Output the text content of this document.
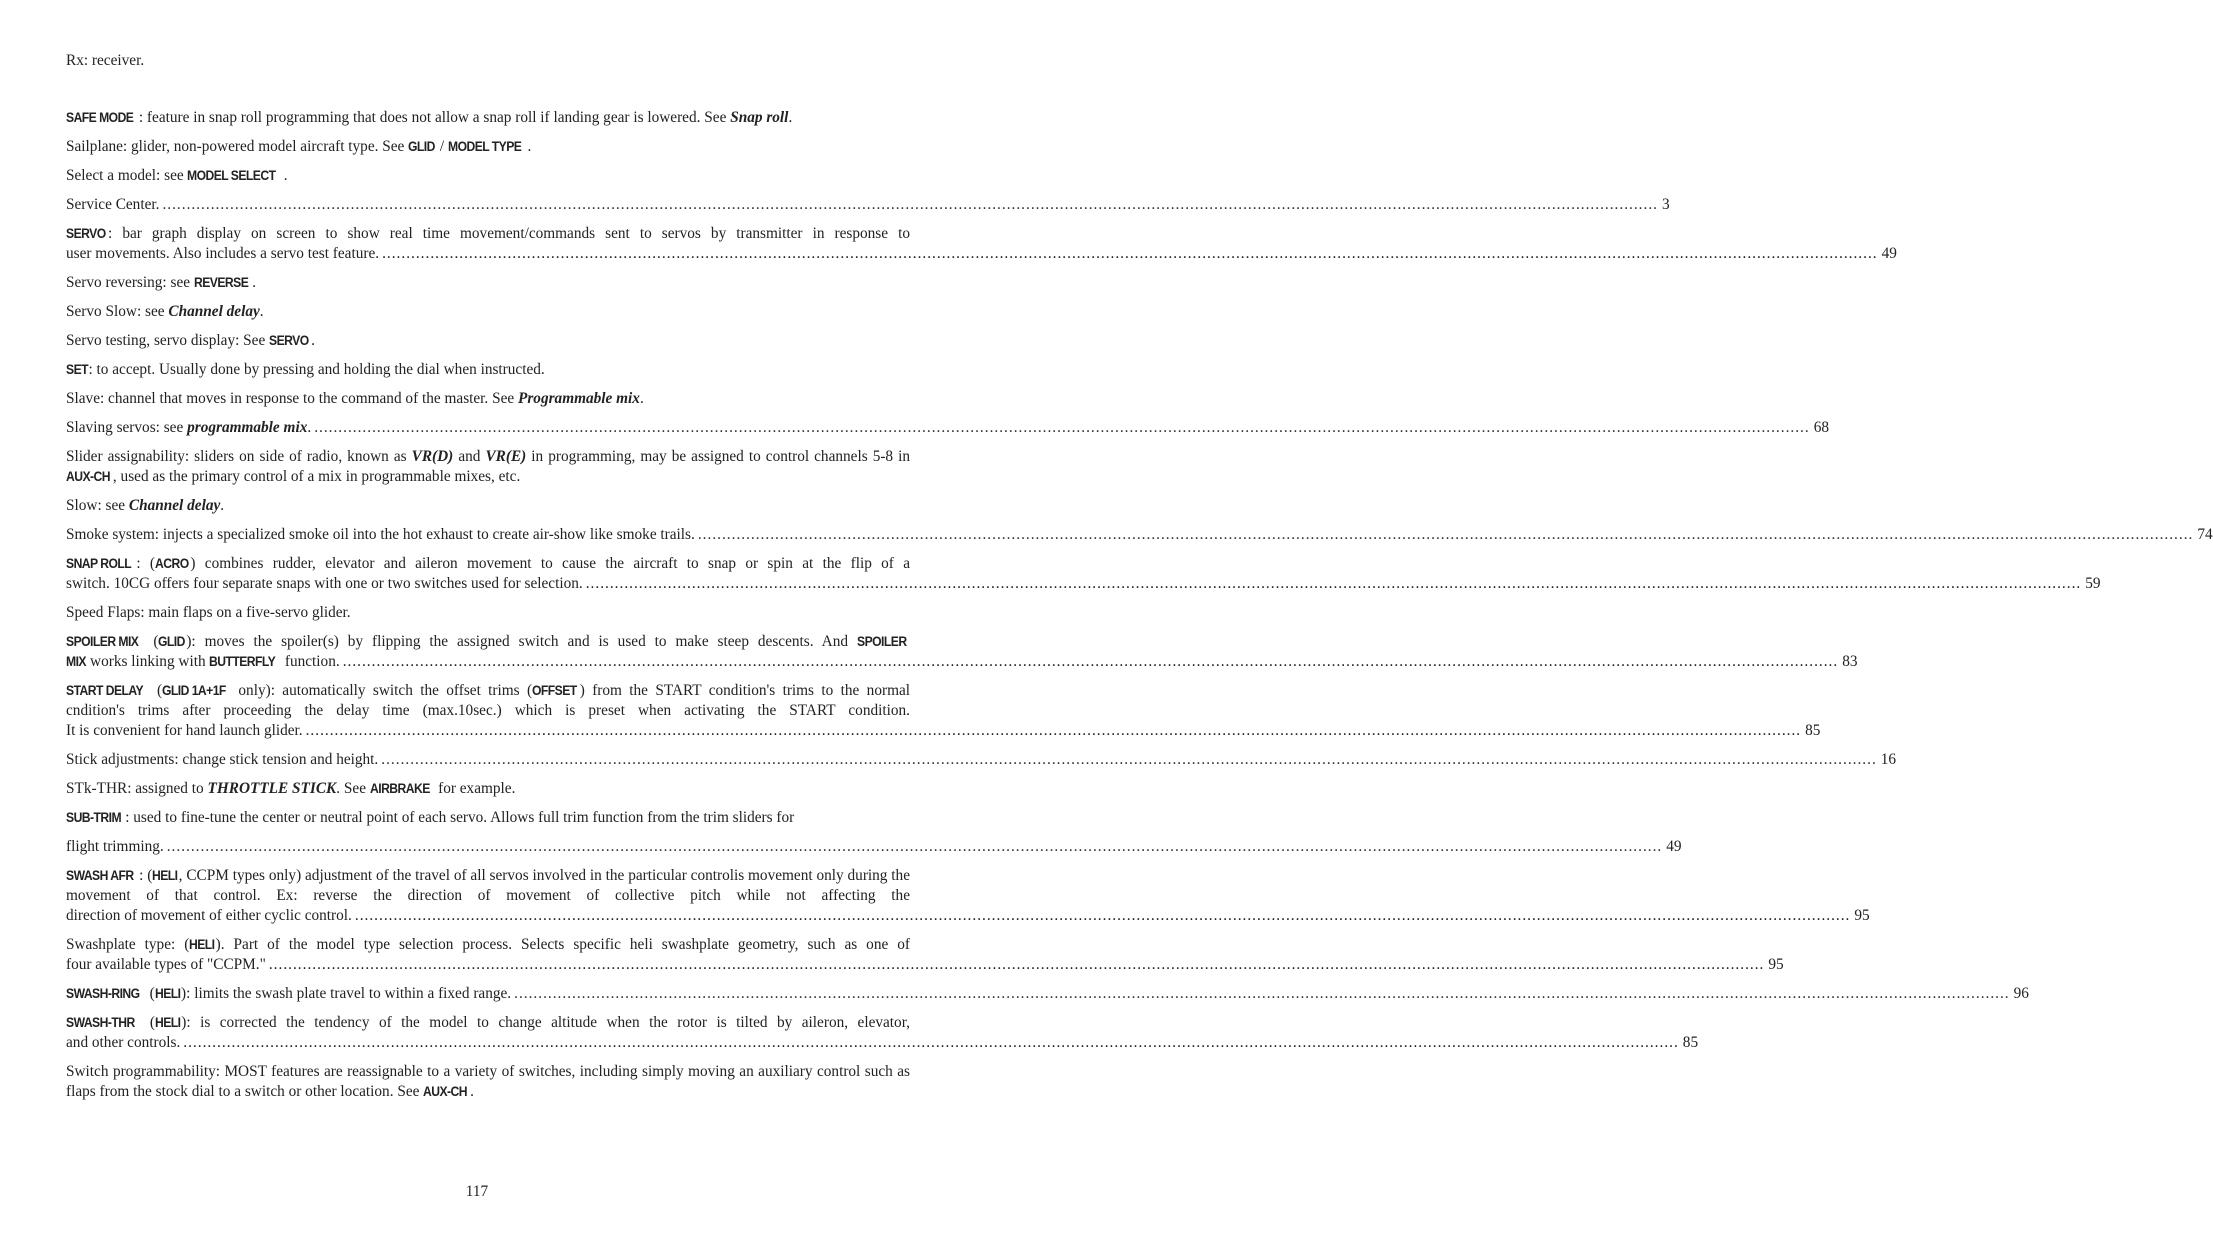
Rx: receiver.

SAFE MODE : feature in snap roll programming that does not allow a snap roll if landing gear is lowered. See Snap roll.

Sailplane: glider, non-powered model aircraft type. See GLID / MODEL TYPE .

Select a model: see MODEL SELECT .

Service Center. ...................................................................................................................................................................................................................................................................................................................... 3
SERVO : bar graph display on screen to show real time movement/commands sent to servos by transmitter in response to
user movements. Also includes a servo test feature. ...................................................................................................................................................................................................................................................................................................................... 49

Servo reversing: see REVERSE .

Servo Slow: see Channel delay.

Servo testing, servo display: See SERVO .

SET: to accept. Usually done by pressing and holding the dial when instructed.

Slave: channel that moves in response to the command of the master. See Programmable mix.

Slaving servos: see programmable mix. ...................................................................................................................................................................................................................................................................................................................... 68

Slider assignability: sliders on side of radio, known as VR(D) and VR(E) in programming, may be assigned to control channels 5-8 in AUX-CH , used as the primary control of a mix in programmable mixes, etc.

Slow: see Channel delay.

Smoke system: injects a specialized smoke oil into the hot exhaust to create air-show like smoke trails. ...................................................................................................................................................................................................................................................................................................................... 74
SNAP ROLL : (ACRO ) combines rudder, elevator and aileron movement to cause the aircraft to snap or spin at the flip of a
switch. 10CG offers four separate snaps with one or two switches used for selection. ...................................................................................................................................................................................................................................................................................................................... 59

Speed Flaps: main flaps on a five-servo glider.

SPOILER MIX (GLID): moves the spoiler(s) by flipping the assigned switch and is used to make steep descents. And SPOILER
MIX works linking with BUTTERFLY function. ...................................................................................................................................................................................................................................................................................................................... 83
START DELAY (GLID 1A+1F only): automatically switch the offset trims (OFFSET ) from the START condition's trims to the normal cndition's trims after proceeding the delay time (max.10sec.) which is preset when activating the START condition.
It is convenient for hand launch glider. ...................................................................................................................................................................................................................................................................................................................... 85
Stick adjustments: change stick tension and height. ...................................................................................................................................................................................................................................................................................................................... 16

STk-THR: assigned to THROTTLE STICK. See AIRBRAKE for example.

SUB-TRIM : used to fine-tune the center or neutral point of each servo. Allows full trim function from the trim sliders for

flight trimming. ...................................................................................................................................................................................................................................................................................................................... 49
SWASH AFR : (HELI, CCPM types only) adjustment of the travel of all servos involved in the particular controlis movement only during the movement of that control. Ex: reverse the direction of movement of collective pitch while not affecting the
direction of movement of either cyclic control. ...................................................................................................................................................................................................................................................................................................................... 95
Swashplate type: (HELI). Part of the model type selection process. Selects specific heli swashplate geometry, such as one of
four available types of "CCPM." ...................................................................................................................................................................................................................................................................................................................... 95
SWASH-RING (HELI): limits the swash plate travel to within a fixed range. ...................................................................................................................................................................................................................................................................................................................... 96
SWASH-THR (HELI): is corrected the tendency of the model to change altitude when the rotor is tilted by aileron, elevator,
and other controls. ...................................................................................................................................................................................................................................................................................................................... 85

Switch programmability: MOST features are reassignable to a variety of switches, including simply moving an auxiliary control such as flaps from the stock dial to a switch or other location. See AUX-CH .

117
